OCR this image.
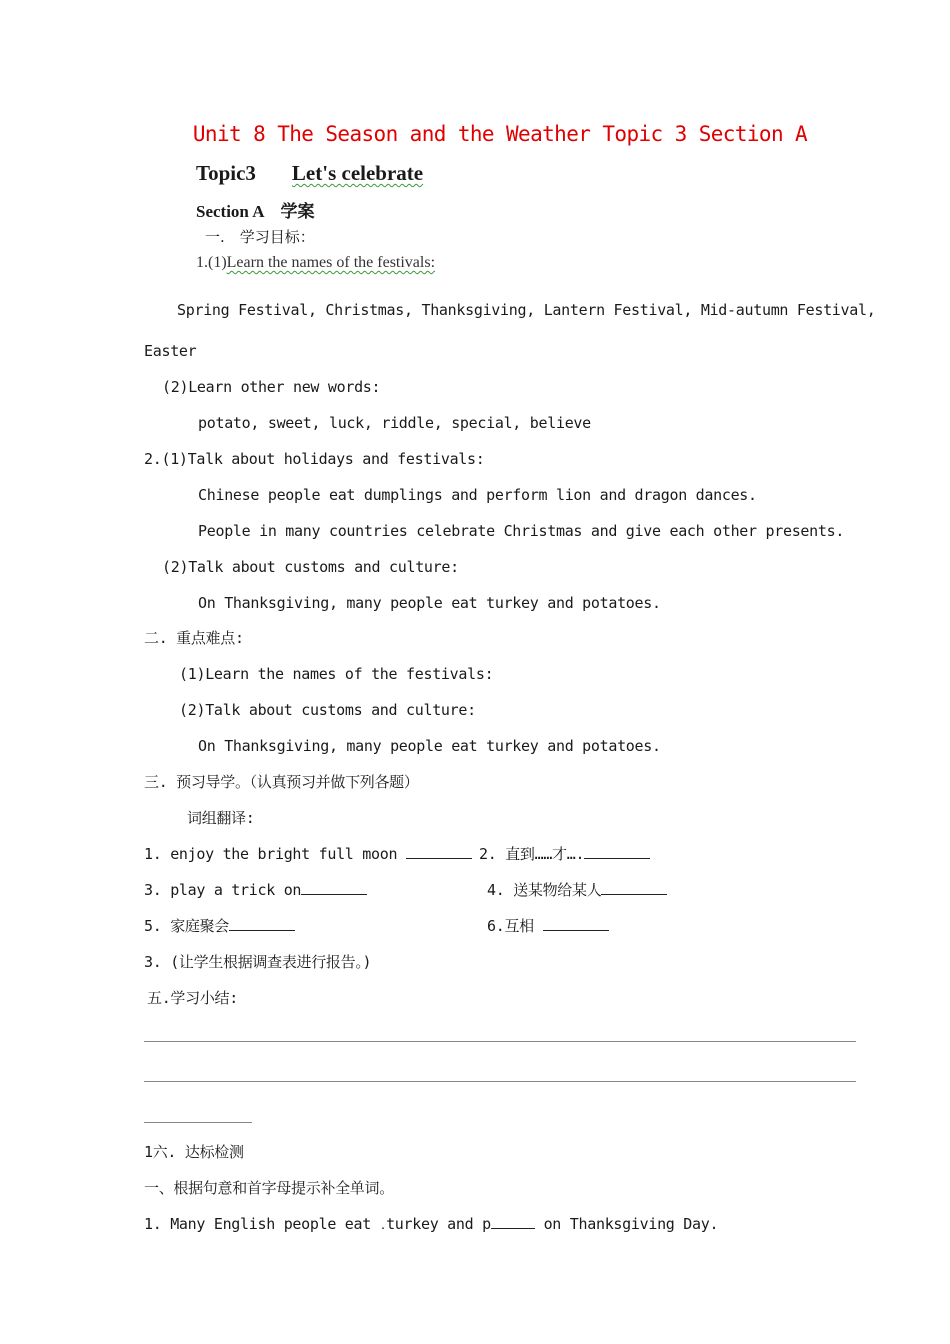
Unit 8 The Season and the Weather Topic 3 Section A
Topic3 Let's celebrate
Section A　学案
一.　学习目标：
1.(1)Learn the names of the festivals:
Spring Festival, Christmas, Thanksgiving, Lantern Festival, Mid-autumn Festival,
Easter
(2)Learn other new words:
potato, sweet, luck, riddle, special, believe
2.(1)Talk about holidays and festivals:
Chinese people eat dumplings and perform lion and dragon dances.
People in many countries celebrate Christmas and give each other presents.
(2)Talk about customs and culture:
On Thanksgiving, many people eat turkey and potatoes.
二. 重点难点:
(1)Learn the names of the festivals:
(2)Talk about customs and culture:
On Thanksgiving, many people eat turkey and potatoes.
三. 预习导学。（认真预习并做下列各题）
词组翻译:
1. enjoy the bright full moon	2. 直到……才….
3. play a trick on	4. 送某物给某人
5. 家庭聚会	6.互相
3. (让学生根据调查表进行报告。)
五.学习小结:
1六. 达标检测
一、根据句意和首字母提示补全单词。
1. Many English people eat .turkey and p	on Thanksgiving Day.
